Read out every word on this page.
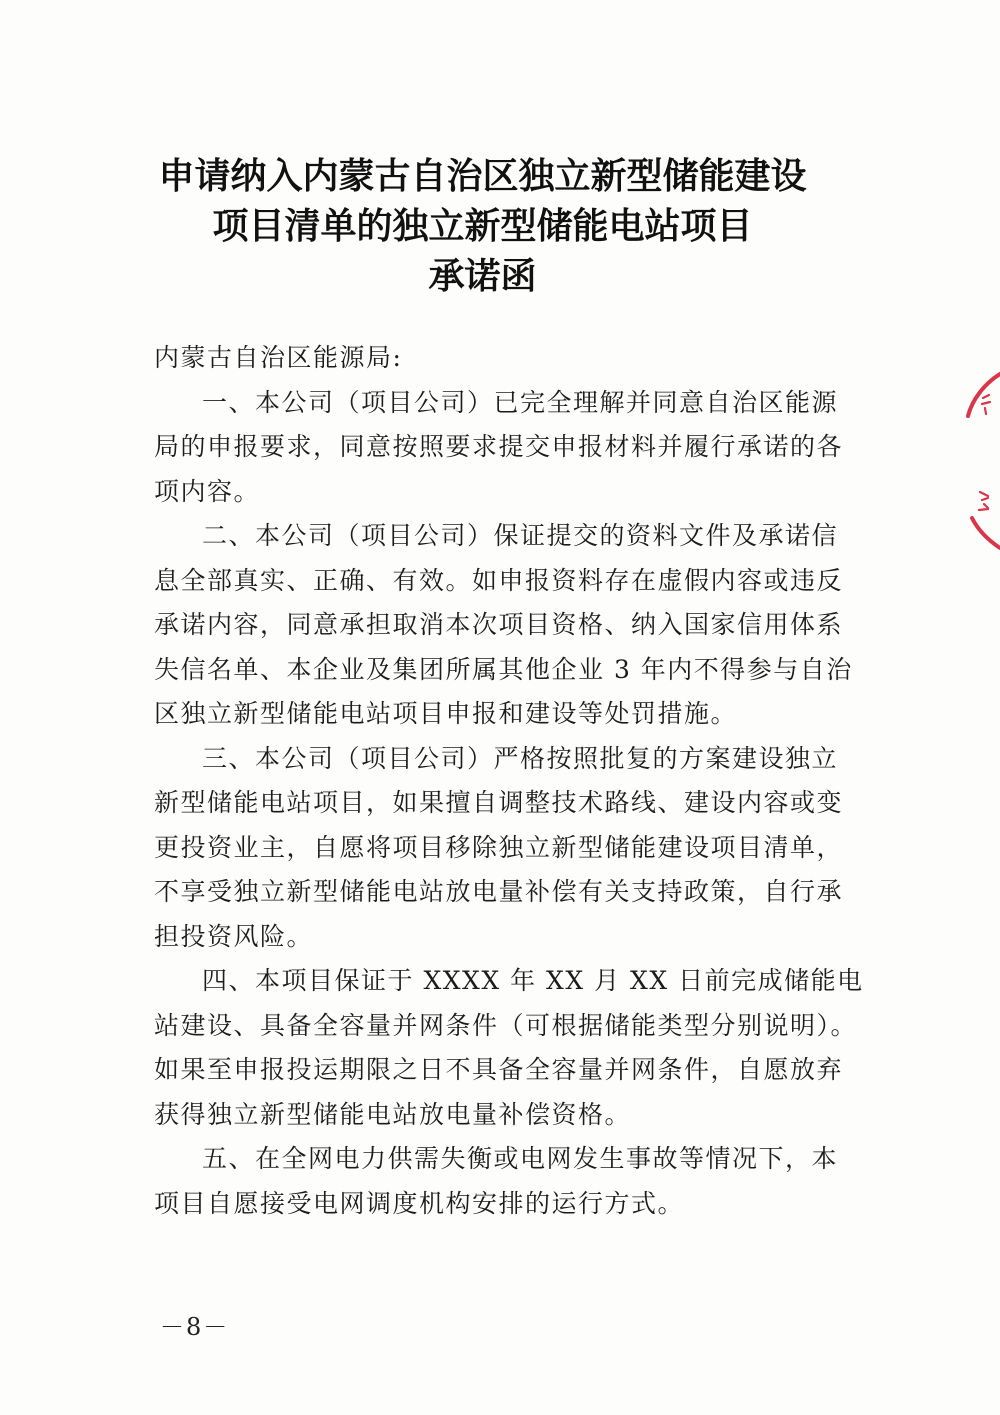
申请纳入内蒙古自治区独立新型储能建设
项目清单的独立新型储能电站项目
承诺函
内蒙古自治区能源局:
一、本公司（项目公司）已完全理解并同意自治区能源
局的申报要求，同意按照要求提交申报材料并履行承诺的各
项内容。
二、本公司（项目公司）保证提交的资料文件及承诺信
息全部真实、正确、有效。如申报资料存在虚假内容或违反
承诺内容，同意承担取消本次项目资格、纳入国家信用体系
失信名单、本企业及集团所属其他企业 3 年内不得参与自治
区独立新型储能电站项目申报和建设等处罚措施。
三、本公司（项目公司）严格按照批复的方案建设独立
新型储能电站项目，如果擅自调整技术路线、建设内容或变
更投资业主，自愿将项目移除独立新型储能建设项目清单，
不享受独立新型储能电站放电量补偿有关支持政策，自行承
担投资风险。
四、本项目保证于 XXXX 年 XX 月 XX 日前完成储能电
站建设、具备全容量并网条件（可根据储能类型分别说明）。
如果至申报投运期限之日不具备全容量并网条件，自愿放弃
获得独立新型储能电站放电量补偿资格。
五、在全网电力供需失衡或电网发生事故等情况下，本
项目自愿接受电网调度机构安排的运行方式。
－8－
